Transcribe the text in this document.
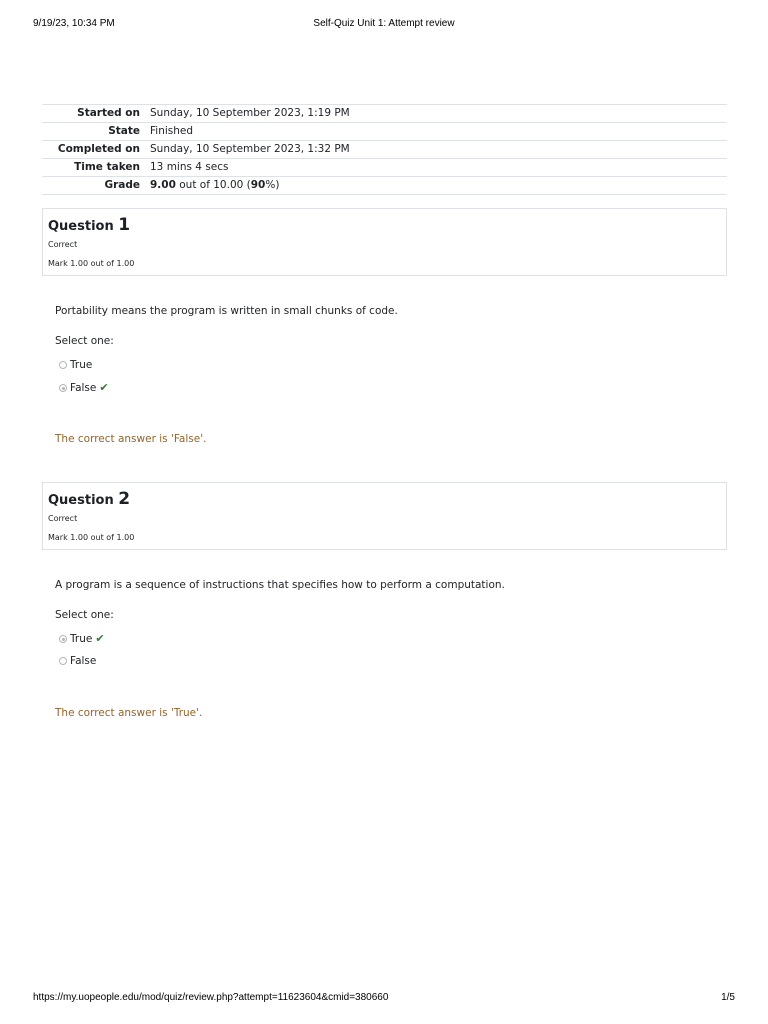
9/19/23, 10:34 PM	Self-Quiz Unit 1: Attempt review
Started on	Sunday, 10 September 2023, 1:19 PM
State	Finished
Completed on	Sunday, 10 September 2023, 1:32 PM
Time taken	13 mins 4 secs
Grade	9.00 out of 10.00 (90%)
Question 1
Correct
Mark 1.00 out of 1.00
Portability means the program is written in small chunks of code.
Select one:
True
False ✔
The correct answer is 'False'.
Question 2
Correct
Mark 1.00 out of 1.00
A program is a sequence of instructions that specifies how to perform a computation.
Select one:
True ✔
False
The correct answer is 'True'.
https://my.uopeople.edu/mod/quiz/review.php?attempt=11623604&cmid=380660	1/5
